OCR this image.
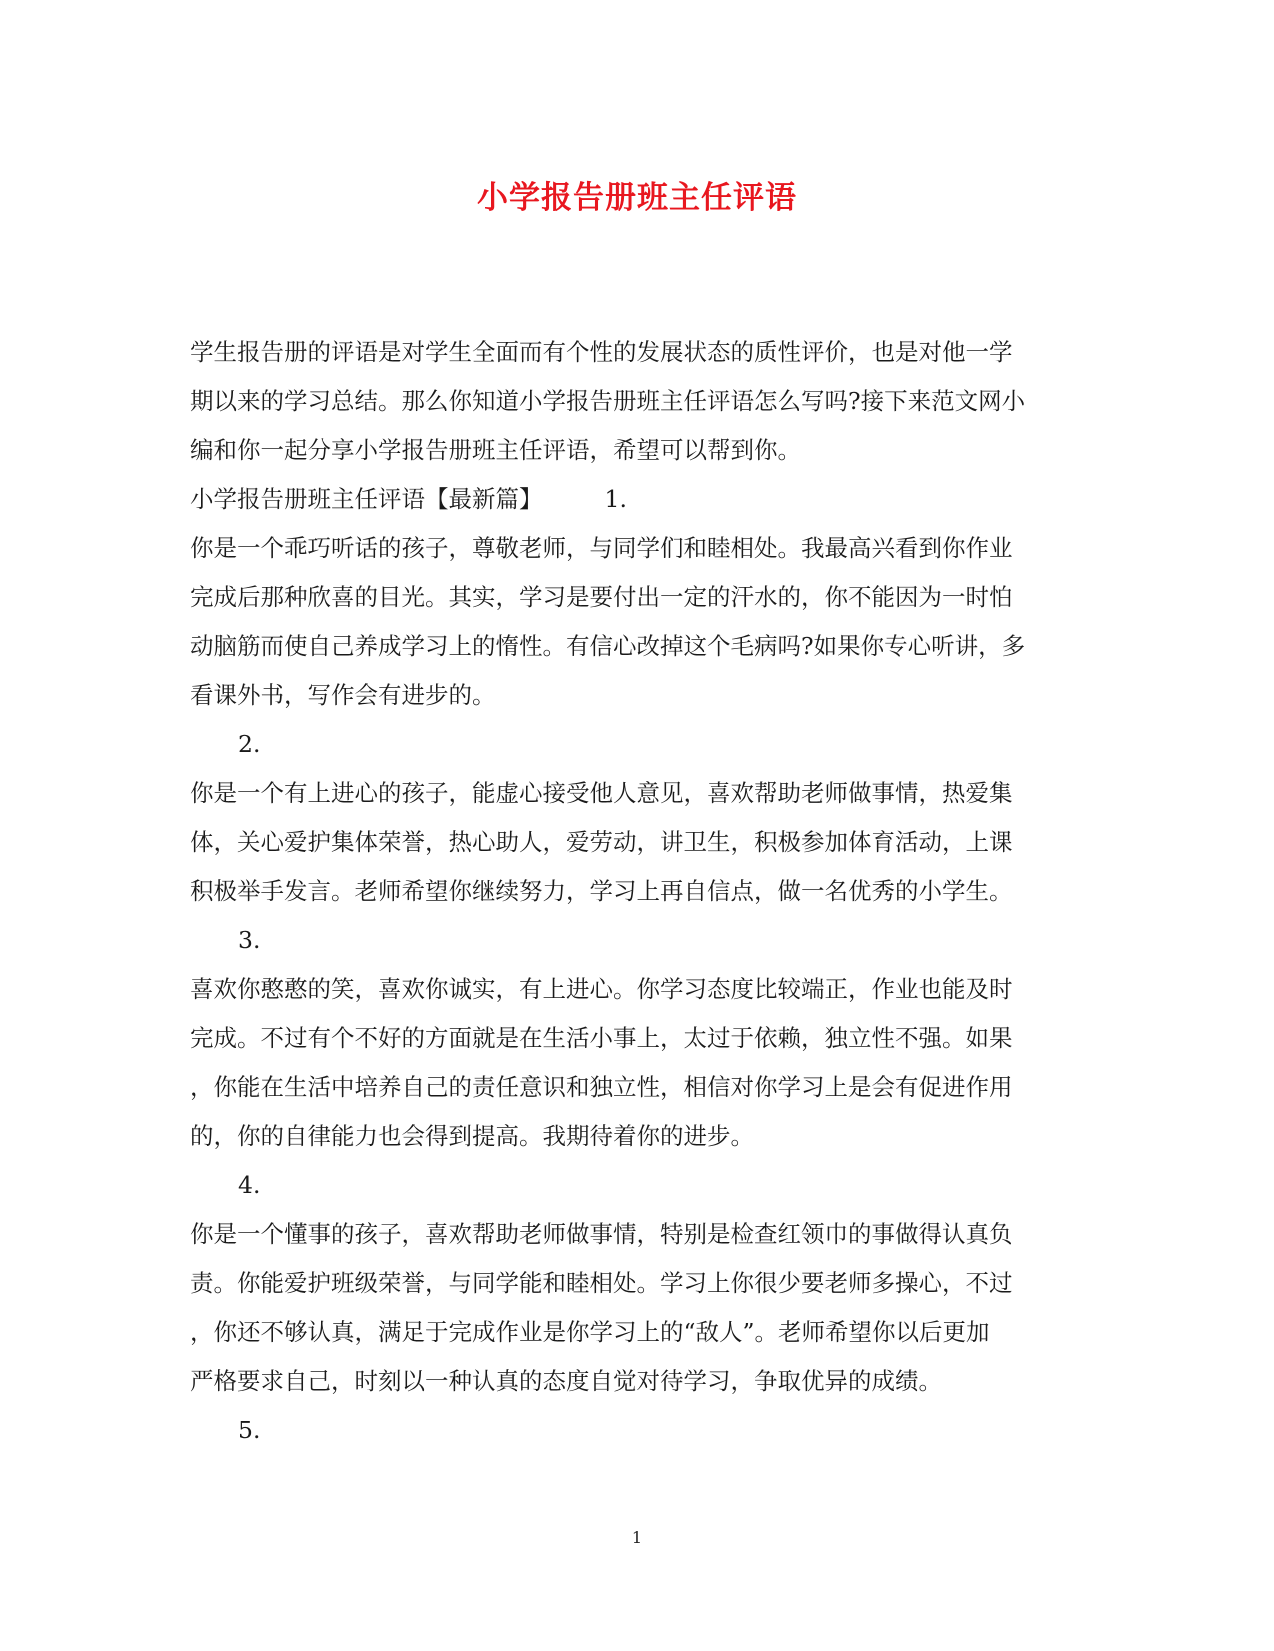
小学报告册班主任评语
学生报告册的评语是对学生全面而有个性的发展状态的质性评价，也是对他一学
期以来的学习总结。那么你知道小学报告册班主任评语怎么写吗?接下来范文网小
编和你一起分享小学报告册班主任评语，希望可以帮到你。
小学报告册班主任评语【最新篇】	1.
你是一个乖巧听话的孩子，尊敬老师，与同学们和睦相处。我最高兴看到你作业
完成后那种欣喜的目光。其实，学习是要付出一定的汗水的，你不能因为一时怕
动脑筋而使自己养成学习上的惰性。有信心改掉这个毛病吗?如果你专心听讲，多
看课外书，写作会有进步的。
2.
你是一个有上进心的孩子，能虚心接受他人意见，喜欢帮助老师做事情，热爱集
体，关心爱护集体荣誉，热心助人，爱劳动，讲卫生，积极参加体育活动，上课
积极举手发言。老师希望你继续努力，学习上再自信点，做一名优秀的小学生。
3.
喜欢你憨憨的笑，喜欢你诚实，有上进心。你学习态度比较端正，作业也能及时
完成。不过有个不好的方面就是在生活小事上，太过于依赖，独立性不强。如果
，你能在生活中培养自己的责任意识和独立性，相信对你学习上是会有促进作用
的，你的自律能力也会得到提高。我期待着你的进步。
4.
你是一个懂事的孩子，喜欢帮助老师做事情，特别是检查红领巾的事做得认真负
责。你能爱护班级荣誉，与同学能和睦相处。学习上你很少要老师多操心，不过
，你还不够认真，满足于完成作业是你学习上的“敌人”。老师希望你以后更加
严格要求自己，时刻以一种认真的态度自觉对待学习，争取优异的成绩。
5.
1
